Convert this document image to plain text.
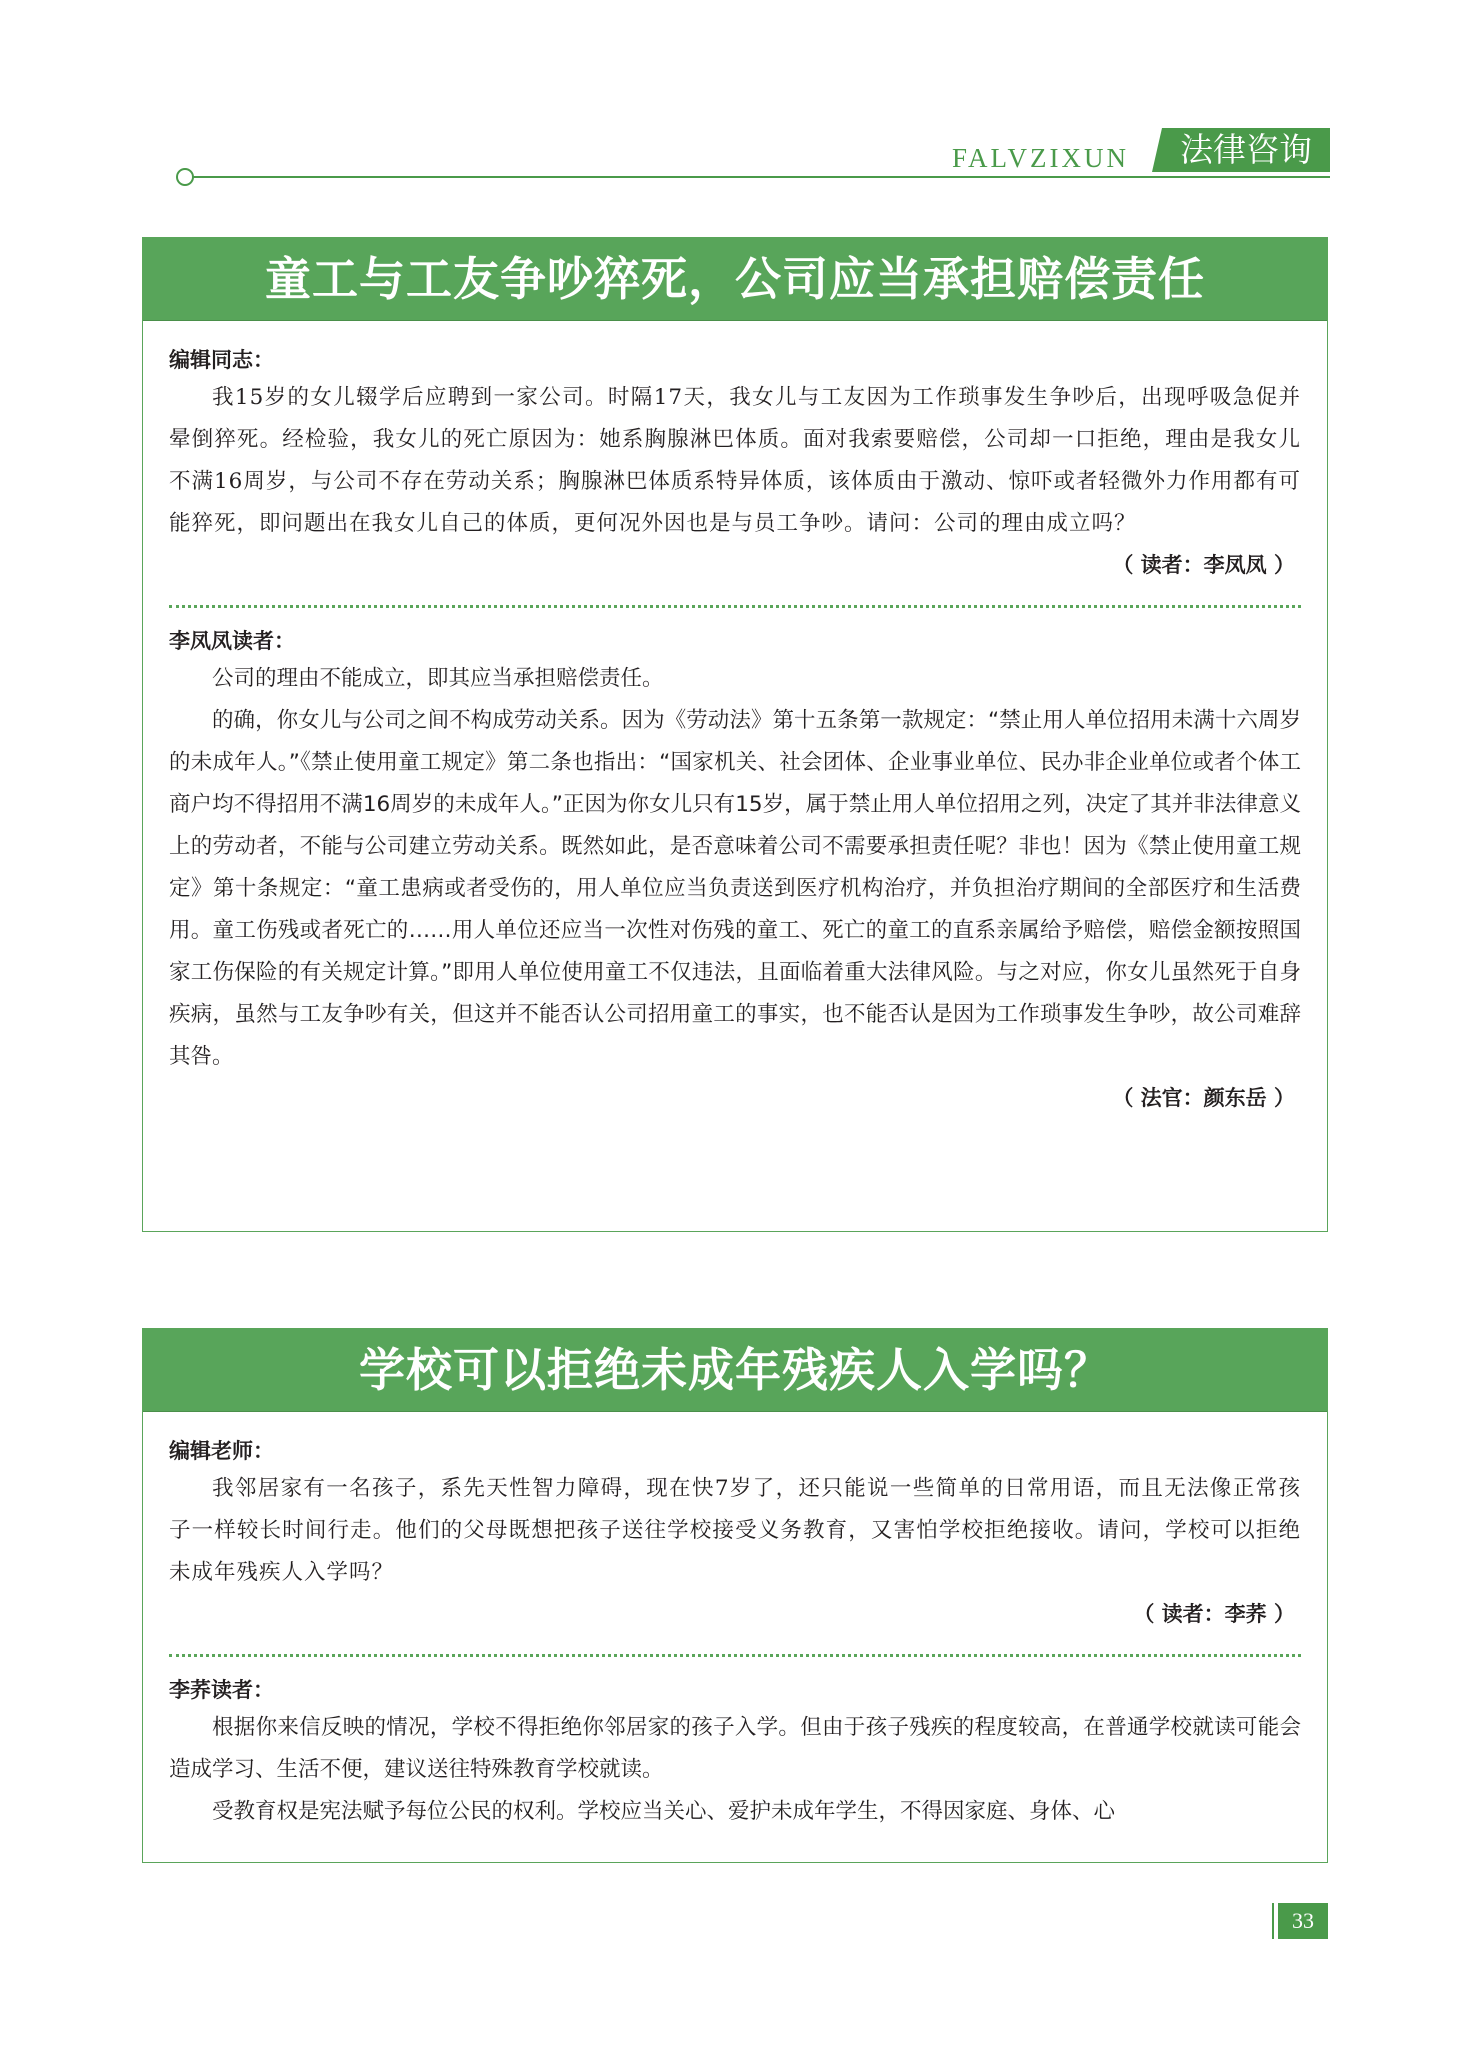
FALVZIXUN	法律咨询
童工与工友争吵猝死，公司应当承担赔偿责任
编辑同志：

我15岁的女儿辍学后应聘到一家公司。时隔17天，我女儿与工友因为工作琐事发生争吵后，出现呼吸急促并晕倒猝死。经检验，我女儿的死亡原因为：她系胸腺淋巴体质。面对我索要赔偿，公司却一口拒绝，理由是我女儿不满16周岁，与公司不存在劳动关系；胸腺淋巴体质系特异体质，该体质由于激动、惊吓或者轻微外力作用都有可能猝死，即问题出在我女儿自己的体质，更何况外因也是与员工争吵。请问：公司的理由成立吗？

（ 读者：李凤凤 ）
李凤凤读者：

公司的理由不能成立，即其应当承担赔偿责任。

的确，你女儿与公司之间不构成劳动关系。因为《劳动法》第十五条第一款规定：“禁止用人单位招用未满十六周岁的未成年人。”《禁止使用童工规定》第二条也指出：“国家机关、社会团体、企业事业单位、民办非企业单位或者个体工商户均不得招用不满16周岁的未成年人。”正因为你女儿只有15岁，属于禁止用人单位招用之列，决定了其并非法律意义上的劳动者，不能与公司建立劳动关系。既然如此，是否意味着公司不需要承担责任呢？非也！因为《禁止使用童工规定》第十条规定：“童工患病或者受伤的，用人单位应当负责送到医疗机构治疗，并负担治疗期间的全部医疗和生活费用。童工伤残或者死亡的……用人单位还应当一次性对伤残的童工、死亡的童工的直系亲属给予赔偿，赔偿金额按照国家工伤保险的有关规定计算。”即用人单位使用童工不仅违法，且面临着重大法律风险。与之对应，你女儿虽然死于自身疾病，虽然与工友争吵有关，但这并不能否认公司招用童工的事实，也不能否认是因为工作琐事发生争吵，故公司难辞其咎。

（ 法官：颜东岳 ）
学校可以拒绝未成年残疾人入学吗？
编辑老师：

我邻居家有一名孩子，系先天性智力障碍，现在快7岁了，还只能说一些简单的日常用语，而且无法像正常孩子一样较长时间行走。他们的父母既想把孩子送往学校接受义务教育，又害怕学校拒绝接收。请问，学校可以拒绝未成年残疾人入学吗？

（ 读者：李荞 ）
李荞读者：

根据你来信反映的情况，学校不得拒绝你邻居家的孩子入学。但由于孩子残疾的程度较高，在普通学校就读可能会造成学习、生活不便，建议送往特殊教育学校就读。

受教育权是宪法赋予每位公民的权利。学校应当关心、爱护未成年学生，不得因家庭、身体、心

33
